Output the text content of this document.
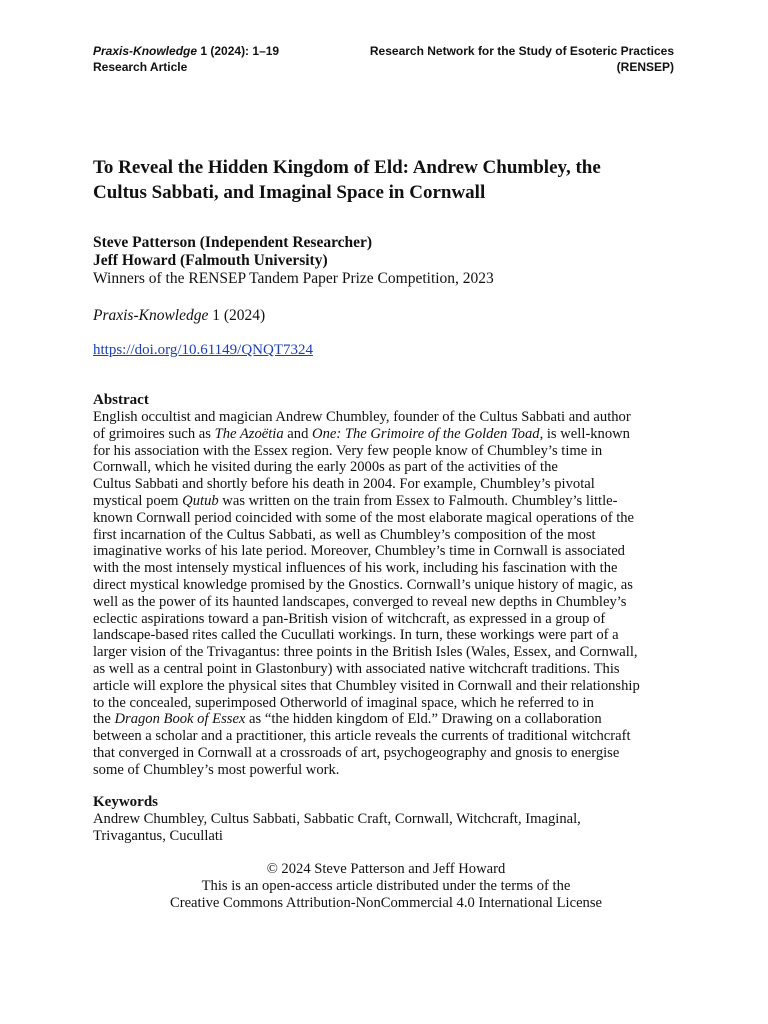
Praxis-Knowledge 1 (2024): 1–19
Research Article
Research Network for the Study of Esoteric Practices
(RENSEP)
To Reveal the Hidden Kingdom of Eld: Andrew Chumbley, the
Cultus Sabbati, and Imaginal Space in Cornwall
Steve Patterson (Independent Researcher)
Jeff Howard (Falmouth University)
Winners of the RENSEP Tandem Paper Prize Competition, 2023
Praxis-Knowledge 1 (2024)
https://doi.org/10.61149/QNQT7324
Abstract
English occultist and magician Andrew Chumbley, founder of the Cultus Sabbati and author
of grimoires such as The Azoëtia and One: The Grimoire of the Golden Toad, is well-known
for his association with the Essex region. Very few people know of Chumbley’s time in
Cornwall, which he visited during the early 2000s as part of the activities of the
Cultus Sabbati and shortly before his death in 2004. For example, Chumbley’s pivotal
mystical poem Qutub was written on the train from Essex to Falmouth. Chumbley’s little-
known Cornwall period coincided with some of the most elaborate magical operations of the
first incarnation of the Cultus Sabbati, as well as Chumbley’s composition of the most
imaginative works of his late period. Moreover, Chumbley’s time in Cornwall is associated
with the most intensely mystical influences of his work, including his fascination with the
direct mystical knowledge promised by the Gnostics. Cornwall’s unique history of magic, as
well as the power of its haunted landscapes, converged to reveal new depths in Chumbley’s
eclectic aspirations toward a pan-British vision of witchcraft, as expressed in a group of
landscape-based rites called the Cucullati workings. In turn, these workings were part of a
larger vision of the Trivagantus: three points in the British Isles (Wales, Essex, and Cornwall,
as well as a central point in Glastonbury) with associated native witchcraft traditions. This
article will explore the physical sites that Chumbley visited in Cornwall and their relationship
to the concealed, superimposed Otherworld of imaginal space, which he referred to in
the Dragon Book of Essex as “the hidden kingdom of Eld.” Drawing on a collaboration
between a scholar and a practitioner, this article reveals the currents of traditional witchcraft
that converged in Cornwall at a crossroads of art, psychogeography and gnosis to energise
some of Chumbley’s most powerful work.
Keywords
Andrew Chumbley, Cultus Sabbati, Sabbatic Craft, Cornwall, Witchcraft, Imaginal,
Trivagantus, Cucullati
© 2024 Steve Patterson and Jeff Howard
This is an open-access article distributed under the terms of the
Creative Commons Attribution-NonCommercial 4.0 International License
